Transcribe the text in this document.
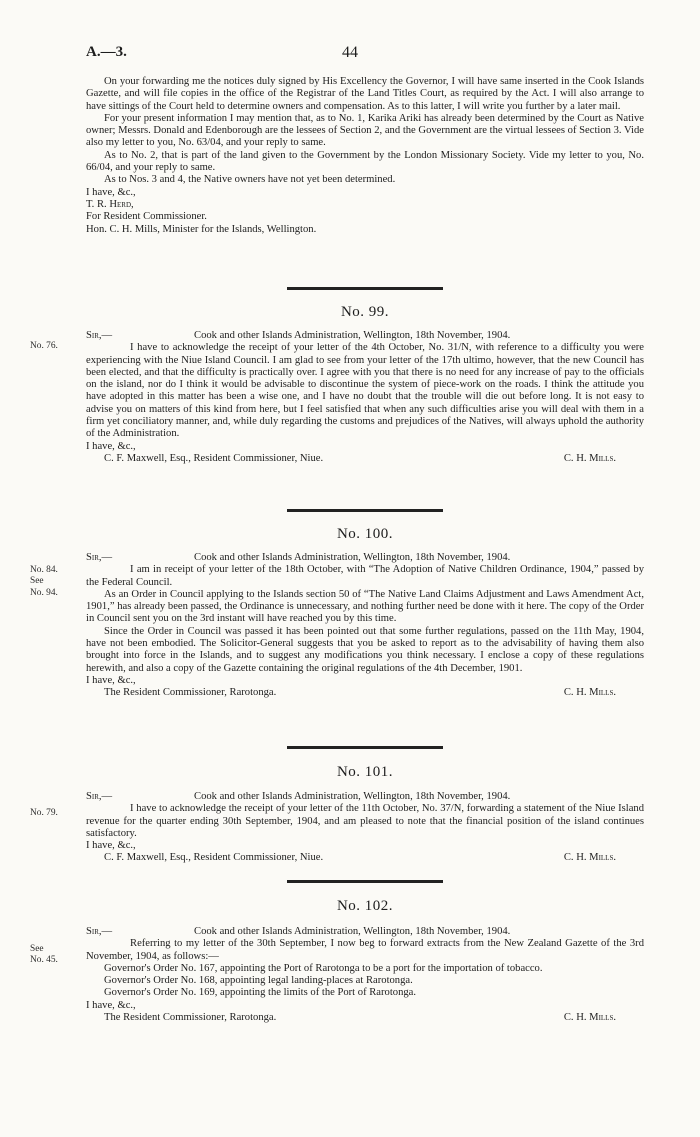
A.—3.	44

On your forwarding me the notices duly signed by His Excellency the Governor, I will have same inserted in the Cook Islands Gazette, and will file copies in the office of the Registrar of the Land Titles Court, as required by the Act. I will also arrange to have sittings of the Court held to determine owners and compensation. As to this latter, I will write you further by a later mail.

For your present information I may mention that, as to No. 1, Karika Ariki has already been determined by the Court as Native owner; Messrs. Donald and Edenborough are the lessees of Section 2, and the Government are the virtual lessees of Section 3. Vide also my letter to you, No. 63/04, and your reply to same.

As to No. 2, that is part of the land given to the Government by the London Missionary Society. Vide my letter to you, No. 66/04, and your reply to same.

As to Nos. 3 and 4, the Native owners have not yet been determined.

I have, &c.,

T. R. Herd,

For Resident Commissioner.

Hon. C. H. Mills, Minister for the Islands, Wellington.

No. 99.
No. 76.
Sir,—	Cook and other Islands Administration, Wellington, 18th November, 1904.

I have to acknowledge the receipt of your letter of the 4th October, No. 31/N, with reference to a difficulty you were experiencing with the Niue Island Council. I am glad to see from your letter of the 17th ultimo, however, that the new Council has been elected, and that the difficulty is practically over. I agree with you that there is no need for any increase of pay to the officials on the island, nor do I think it would be advisable to discontinue the system of piece-work on the roads. I think the attitude you have adopted in this matter has been a wise one, and I have no doubt that the trouble will die out before long. It is not easy to advise you on matters of this kind from here, but I feel satisfied that when any such difficulties arise you will deal with them in a firm yet conciliatory manner, and, while duly regarding the customs and prejudices of the Natives, will always uphold the authority of the Administration.

I have, &c.,

C. F. Maxwell, Esq., Resident Commissioner, Niue.	C. H. Mills.
No. 100.
No. 84.
See
No. 94.
Sir,—	Cook and other Islands Administration, Wellington, 18th November, 1904.

I am in receipt of your letter of the 18th October, with “The Adoption of Native Children Ordinance, 1904,” passed by the Federal Council.

As an Order in Council applying to the Islands section 50 of “The Native Land Claims Adjustment and Laws Amendment Act, 1901,” has already been passed, the Ordinance is unnecessary, and nothing further need be done with it here. The copy of the Order in Council sent you on the 3rd instant will have reached you by this time.

Since the Order in Council was passed it has been pointed out that some further regulations, passed on the 11th May, 1904, have not been embodied. The Solicitor-General suggests that you be asked to report as to the advisability of having them also brought into force in the Islands, and to suggest any modifications you think necessary. I enclose a copy of these regulations herewith, and also a copy of the Gazette containing the original regulations of the 4th December, 1901.

I have, &c.,

The Resident Commissioner, Rarotonga.	C. H. Mills.
No. 101.
No. 79.
Sir,—	Cook and other Islands Administration, Wellington, 18th November, 1904.

I have to acknowledge the receipt of your letter of the 11th October, No. 37/N, forwarding a statement of the Niue Island revenue for the quarter ending 30th September, 1904, and am pleased to note that the financial position of the island continues satisfactory.

I have, &c.,

C. F. Maxwell, Esq., Resident Commissioner, Niue.	C. H. Mills.
No. 102.
See
No. 45.
Sir,—	Cook and other Islands Administration, Wellington, 18th November, 1904.

Referring to my letter of the 30th September, I now beg to forward extracts from the New Zealand Gazette of the 3rd November, 1904, as follows:—

Governor's Order No. 167, appointing the Port of Rarotonga to be a port for the importation of tobacco.

Governor's Order No. 168, appointing legal landing-places at Rarotonga.

Governor's Order No. 169, appointing the limits of the Port of Rarotonga.

I have, &c.,

The Resident Commissioner, Rarotonga.	C. H. Mills.
